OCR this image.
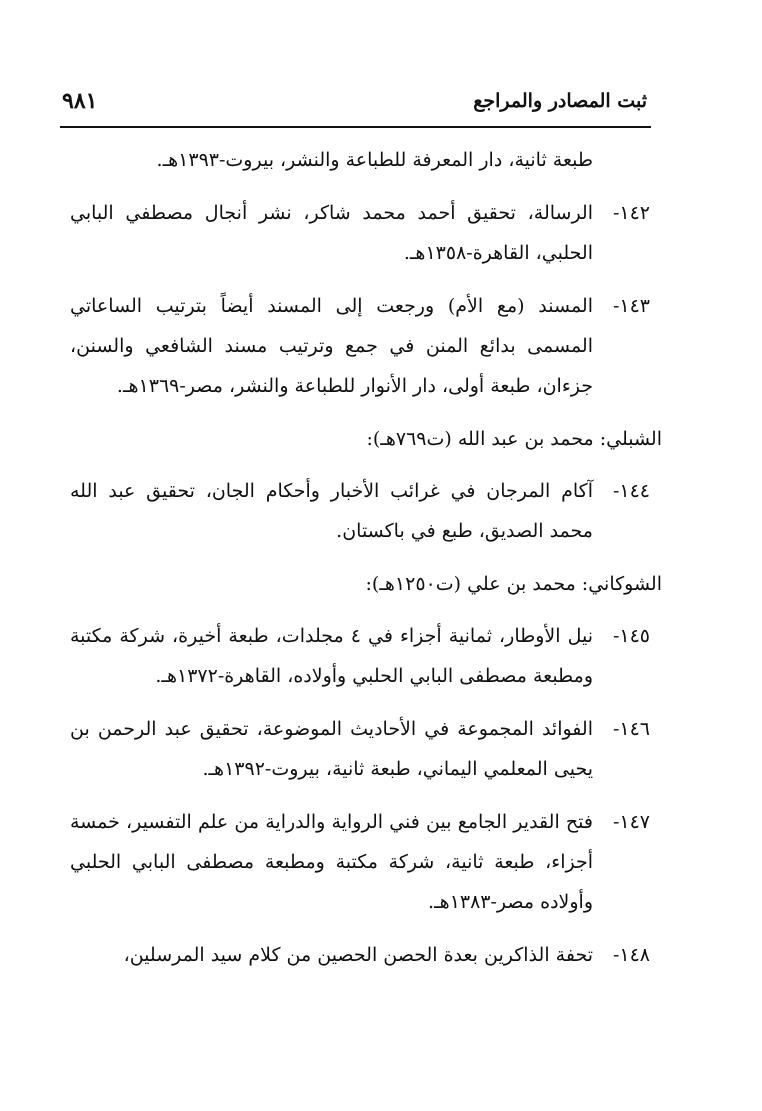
ثبت المصادر والمراجع
٩٨١
طبعة ثانية، دار المعرفة للطباعة والنشر، بيروت-١٣٩٣هـ.
١٤٢-
الرسالة، تحقيق أحمد محمد شاكر، نشر أنجال مصطفي البابي الحلبي، القاهرة-١٣٥٨هـ.
١٤٣-
المسند (مع الأم) ورجعت إلى المسند أيضاً بترتيب الساعاتي المسمى بدائع المنن في جمع وترتيب مسند الشافعي والسنن، جزءان، طبعة أولى، دار الأنوار للطباعة والنشر، مصر-١٣٦٩هـ.
الشبلي: محمد بن عبد الله (ت٧٦٩هـ):
١٤٤-
آكام المرجان في غرائب الأخبار وأحكام الجان، تحقيق عبد الله محمد الصديق، طبع في باكستان.
الشوكاني: محمد بن علي (ت١٢٥٠هـ):
١٤٥-
نيل الأوطار، ثمانية أجزاء في ٤ مجلدات، طبعة أخيرة، شركة مكتبة ومطبعة مصطفى البابي الحلبي وأولاده، القاهرة-١٣٧٢هـ.
١٤٦-
الفوائد المجموعة في الأحاديث الموضوعة، تحقيق عبد الرحمن بن يحيى المعلمي اليماني، طبعة ثانية، بيروت-١٣٩٢هـ.
١٤٧-
فتح القدير الجامع بين فني الرواية والدراية من علم التفسير، خمسة أجزاء، طبعة ثانية، شركة مكتبة ومطبعة مصطفى البابي الحلبي وأولاده مصر-١٣٨٣هـ.
١٤٨-
تحفة الذاكرين بعدة الحصن الحصين من كلام سيد المرسلين،
